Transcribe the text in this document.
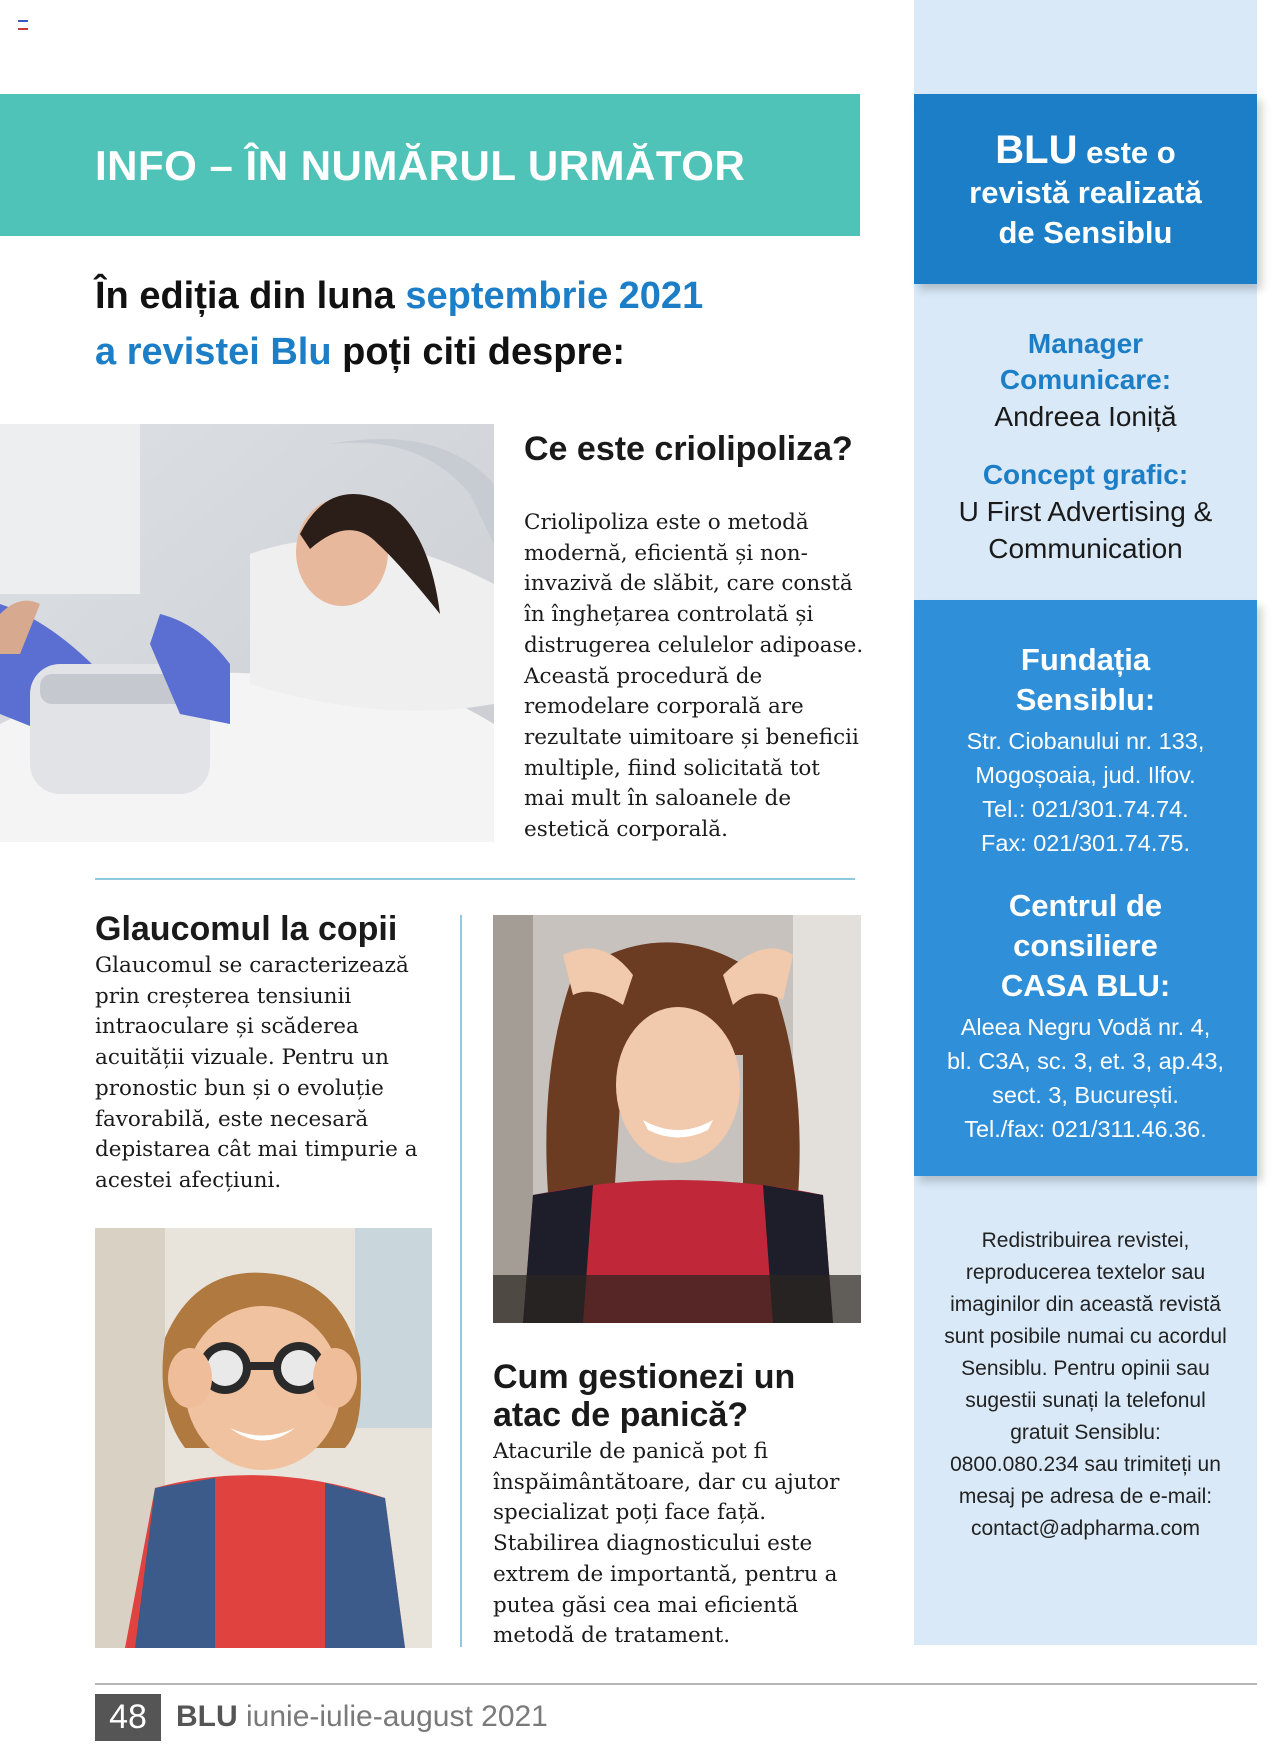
INFO – ÎN NUMĂRUL URMĂTOR
În ediția din luna septembrie 2021
a revistei Blu poți citi despre:
Ce este criolipoliza?
Criolipoliza este o metodă modernă, eficientă și non-invazivă de slăbit, care constă în înghețarea controlată și distrugerea celulelor adipoase. Această procedură de remodelare corporală are rezultate uimitoare și beneficii multiple, fiind solicitată tot mai mult în saloanele de estetică corporală.
Glaucomul la copii
Glaucomul se caracterizează prin creșterea tensiunii intraoculare și scăderea acuității vizuale. Pentru un pronostic bun și o evoluție favorabilă, este necesară depistarea cât mai timpurie a acestei afecțiuni.
Cum gestionezi un atac de panică?
Atacurile de panică pot fi înspăimântătoare, dar cu ajutor specializat poți face față. Stabilirea diagnosticului este extrem de importantă, pentru a putea găsi cea mai eficientă metodă de tratament.
BLU este o
revistă realizată
de Sensiblu
Manager Comunicare:
Andreea Ioniță
Concept grafic:
U First Advertising & Communication
Fundația Sensiblu:
Str. Ciobanului nr. 133,
Mogoșoaia, jud. Ilfov.
Tel.: 021/301.74.74.
Fax: 021/301.74.75.
Centrul de consiliere CASA BLU:
Aleea Negru Vodă nr. 4,
bl. C3A, sc. 3, et. 3, ap.43,
sect. 3, București.
Tel./fax: 021/311.46.36.
Redistribuirea revistei, reproducerea textelor sau imaginilor din această revistă sunt posibile numai cu acordul Sensiblu. Pentru opinii sau sugestii sunați la telefonul gratuit Sensiblu: 0800.080.234 sau trimiteți un mesaj pe adresa de e-mail: contact@adpharma.com
48 BLU iunie-iulie-august 2021
